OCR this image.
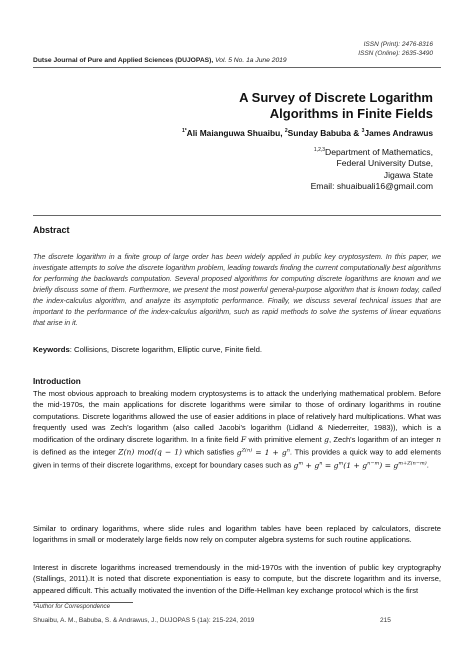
ISSN (Print): 2476-8316
ISSN (Online): 2635-3490
Dutse Journal of Pure and Applied Sciences (DUJOPAS), Vol. 5 No. 1a June 2019
A Survey of Discrete Logarithm
Algorithms in Finite Fields
$^{1*}$Ali Maianguwa Shuaibu, $^2$Sunday Babuba & $^3$James Andrawus
$^{1,2,3}$Department of Mathematics,
Federal University Dutse,
Jigawa State
Email: shuaibuali16@gmail.com
Abstract
The discrete logarithm in a finite group of large order has been widely applied in public key cryptosystem. In this paper, we investigate attempts to solve the discrete logarithm problem, leading towards finding the current computationally best algorithms for performing the backwards computation. Several proposed algorithms for computing discrete logarithms are known and we briefly discuss some of them. Furthermore, we present the most powerful general-purpose algorithm that is known today, called the index-calculus algorithm, and analyze its asymptotic performance. Finally, we discuss several technical issues that are important to the performance of the index-calculus algorithm, such as rapid methods to solve the systems of linear equations that arise in it.
Keywords: Collisions, Discrete logarithm, Elliptic curve, Finite field.
Introduction
The most obvious approach to breaking modern cryptosystems is to attack the underlying mathematical problem. Before the mid-1970s, the main applications for discrete logarithms were similar to those of ordinary logarithms in routine computations. Discrete logarithms allowed the use of easier additions in place of relatively hard multiplications. What was frequently used was Zech's logarithm (also called Jacobi's logarithm (Lidland & Niederreiter, 1983)), which is a modification of the ordinary discrete logarithm. In a finite field F with primitive element g, Zech's logarithm of an integer n is defined as the integer Z(n) mod(q − 1) which satisfies $g^{Z(n)} = 1 + g^n$. This provides a quick way to add elements given in terms of their discrete logarithms, except for boundary cases such as $g^m + g^n = g^m(1 + g^{n-m}) = g^{m+Z(n-m)}$.
Similar to ordinary logarithms, where slide rules and logarithm tables have been replaced by calculators, discrete logarithms in small or moderately large fields now rely on computer algebra systems for such routine applications.
Interest in discrete logarithms increased tremendously in the mid-1970s with the invention of public key cryptography (Stallings, 2011).It is noted that discrete exponentiation is easy to compute, but the discrete logarithm and its inverse, appeared difficult. This actually motivated the invention of the Diffe-Hellman key exchange protocol which is the first
*Author for Correspondence
Shuaibu, A. M., Babuba, S. & Andrawus, J., DUJOPAS 5 (1a): 215-224, 2019	215
